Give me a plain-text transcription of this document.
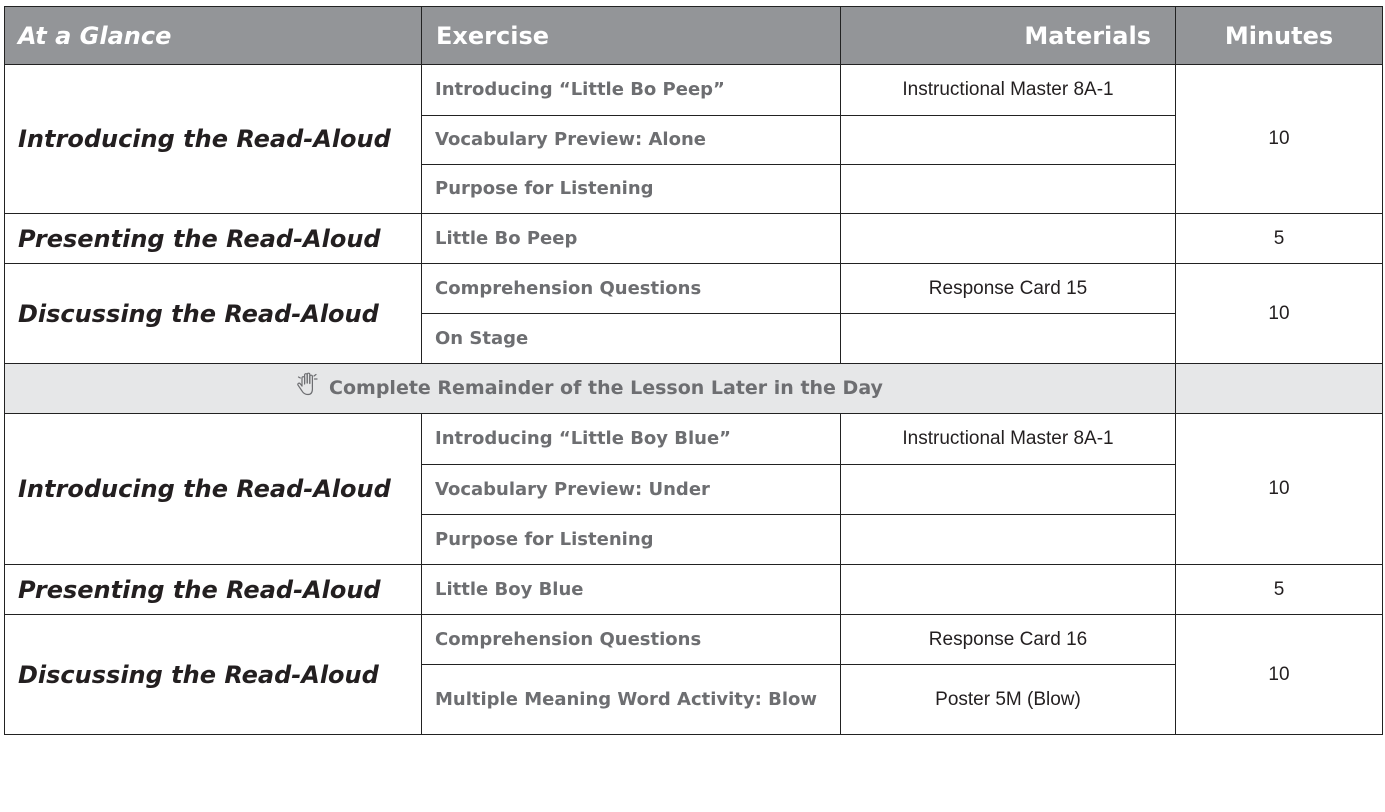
At a Glance	Exercise	Materials	Minutes
Introducing the Read-Aloud	Introducing “Little Bo Peep”	Instructional Master 8A-1	10
	Vocabulary Preview: Alone		
	Purpose for Listening		
Presenting the Read-Aloud	Little Bo Peep		5
Discussing the Read-Aloud	Comprehension Questions	Response Card 15	10
	On Stage		
Complete Remainder of the Lesson Later in the Day			
Introducing the Read-Aloud	Introducing “Little Boy Blue”	Instructional Master 8A-1	10
	Vocabulary Preview: Under		
	Purpose for Listening		
Presenting the Read-Aloud	Little Boy Blue		5
Discussing the Read-Aloud	Comprehension Questions	Response Card 16	10
	Multiple Meaning Word Activity: Blow	Poster 5M (Blow)	
